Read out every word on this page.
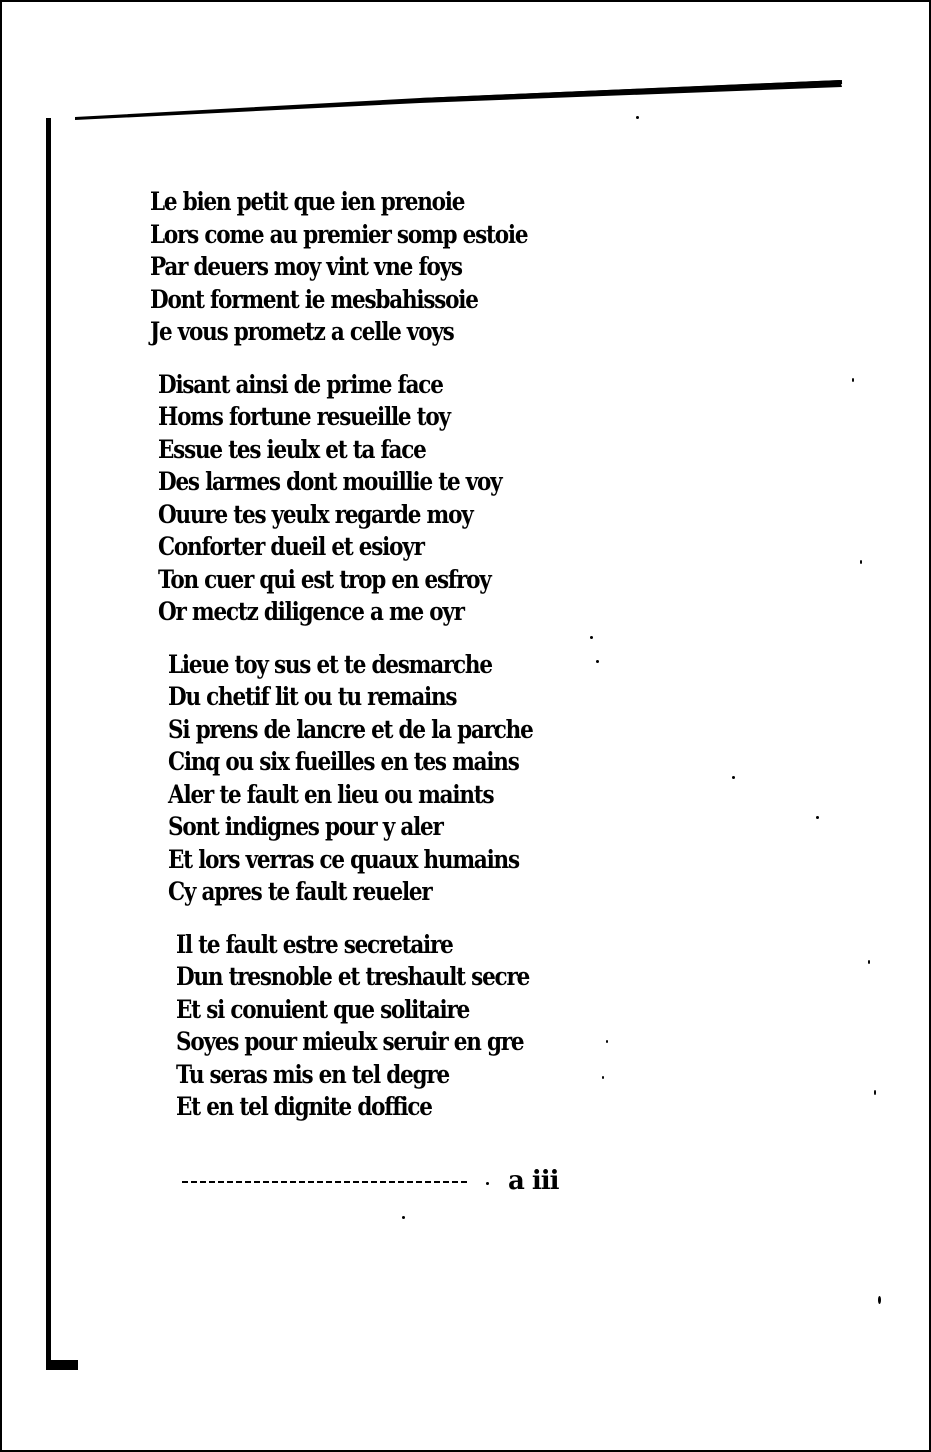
Le bien petit que ien prenoie
Lors come au premier somp estoie
Par deuers moy vint vne foys
Dont forment ie mesbahissoie
Je vous prometz a celle voys
Disant ainsi de prime face
Homs fortune resueille toy
Essue tes ieulx et ta face
Des larmes dont mouillie te voy
Ouure tes yeulx regarde moy
Conforter dueil et esioyr
Ton cuer qui est trop en esfroy
Or mectz diligence a me oyr
Lieue toy sus et te desmarche
Du chetif lit ou tu remains
Si prens de lancre et de la parche
Cinq ou six fueilles en tes mains
Aler te fault en lieu ou maints
Sont indignes pour y aler
Et lors verras ce quaux humains
Cy apres te fault reueler
Il te fault estre secretaire
Dun tresnoble et treshault secre
Et si conuient que solitaire
Soyes pour mieulx seruir en gre
Tu seras mis en tel degre
Et en tel dignite doffice
a iii
